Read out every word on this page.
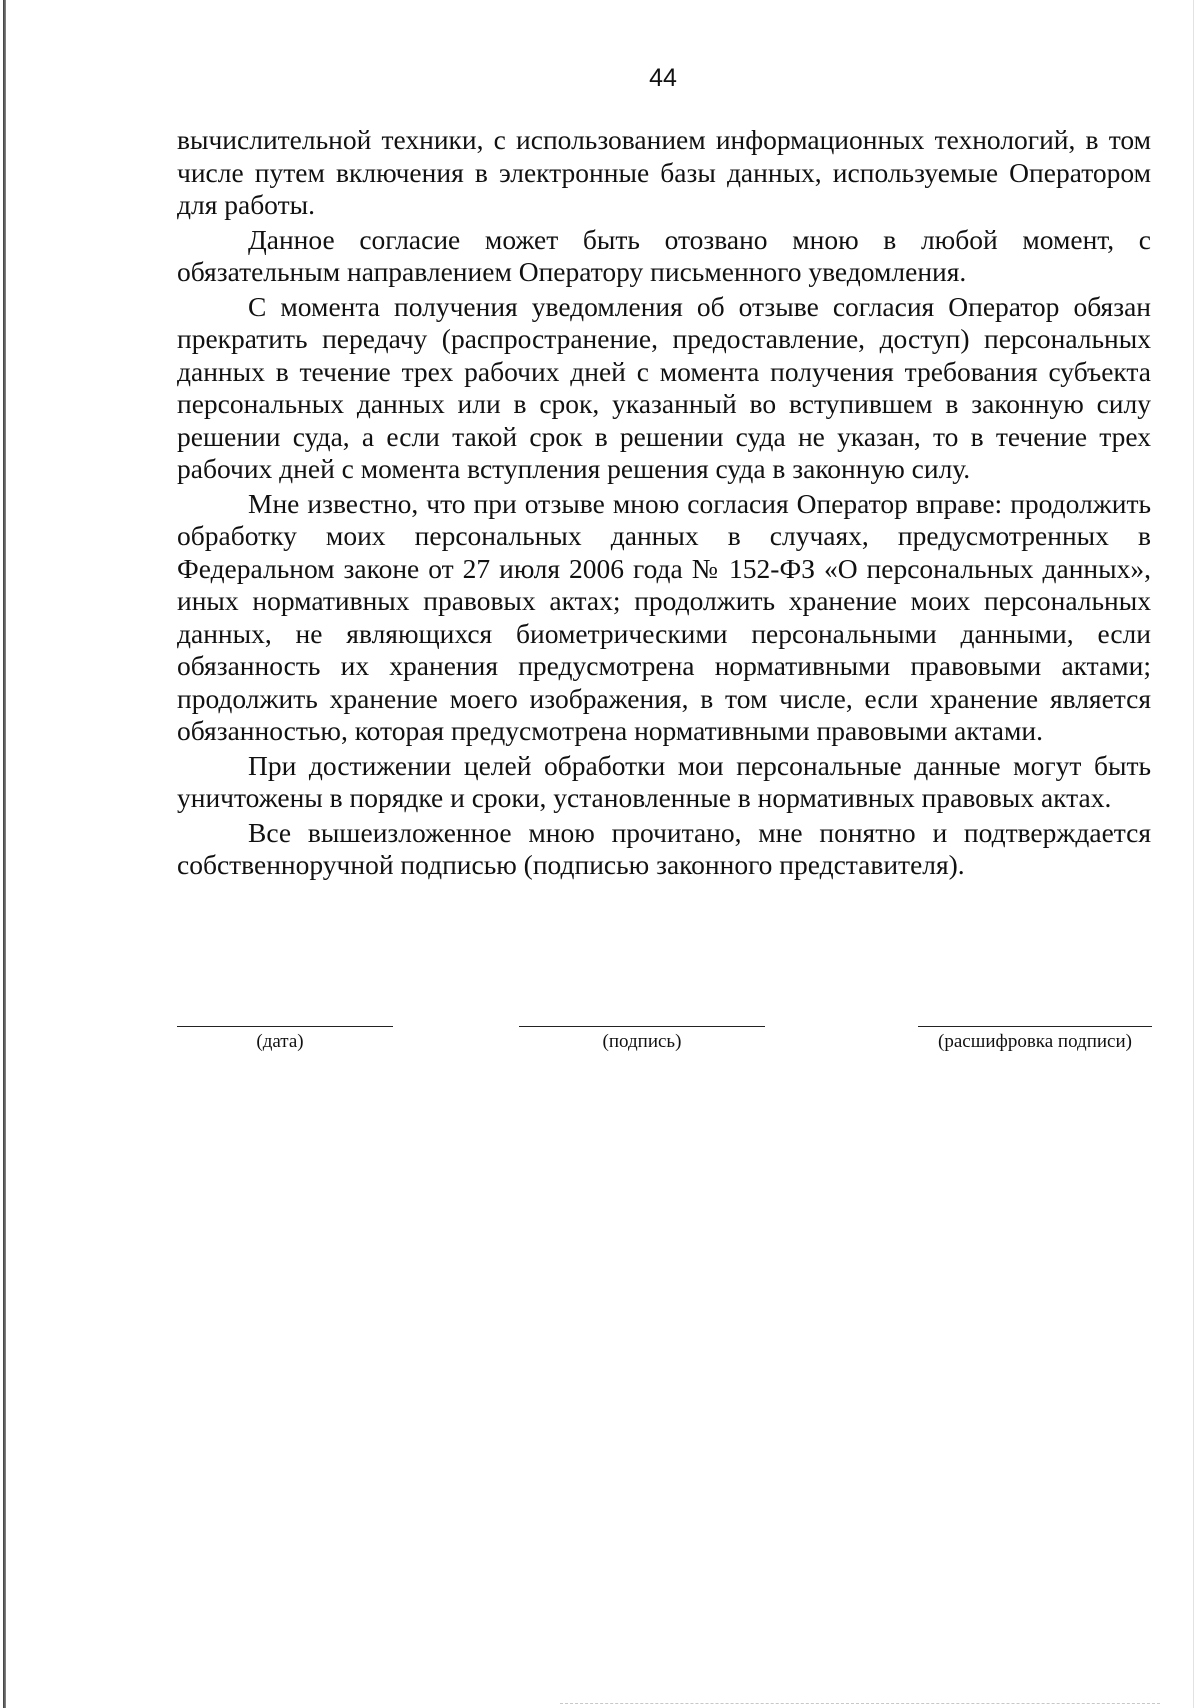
44

вычислительной техники, с использованием информационных технологий, в том числе путем включения в электронные базы данных, используемые Оператором для работы.

Данное согласие может быть отозвано мною в любой момент, с обязательным направлением Оператору письменного уведомления.

С момента получения уведомления об отзыве согласия Оператор обязан прекратить передачу (распространение, предоставление, доступ) персональных данных в течение трех рабочих дней с момента получения требования субъекта персональных данных или в срок, указанный во вступившем в законную силу решении суда, а если такой срок в решении суда не указан, то в течение трех рабочих дней с момента вступления решения суда в законную силу.

Мне известно, что при отзыве мною согласия Оператор вправе: продолжить обработку моих персональных данных в случаях, предусмотренных в Федеральном законе от 27 июля 2006 года № 152-ФЗ «О персональных данных», иных нормативных правовых актах; продолжить хранение моих персональных данных, не являющихся биометрическими персональными данными, если обязанность их хранения предусмотрена нормативными правовыми актами; продолжить хранение моего изображения, в том числе, если хранение является обязанностью, которая предусмотрена нормативными правовыми актами.

При достижении целей обработки мои персональные данные могут быть уничтожены в порядке и сроки, установленные в нормативных правовых актах.

Все вышеизложенное мною прочитано, мне понятно и подтверждается собственноручной подписью (подписью законного представителя).

(дата)	(подпись)	(расшифровка подписи)
